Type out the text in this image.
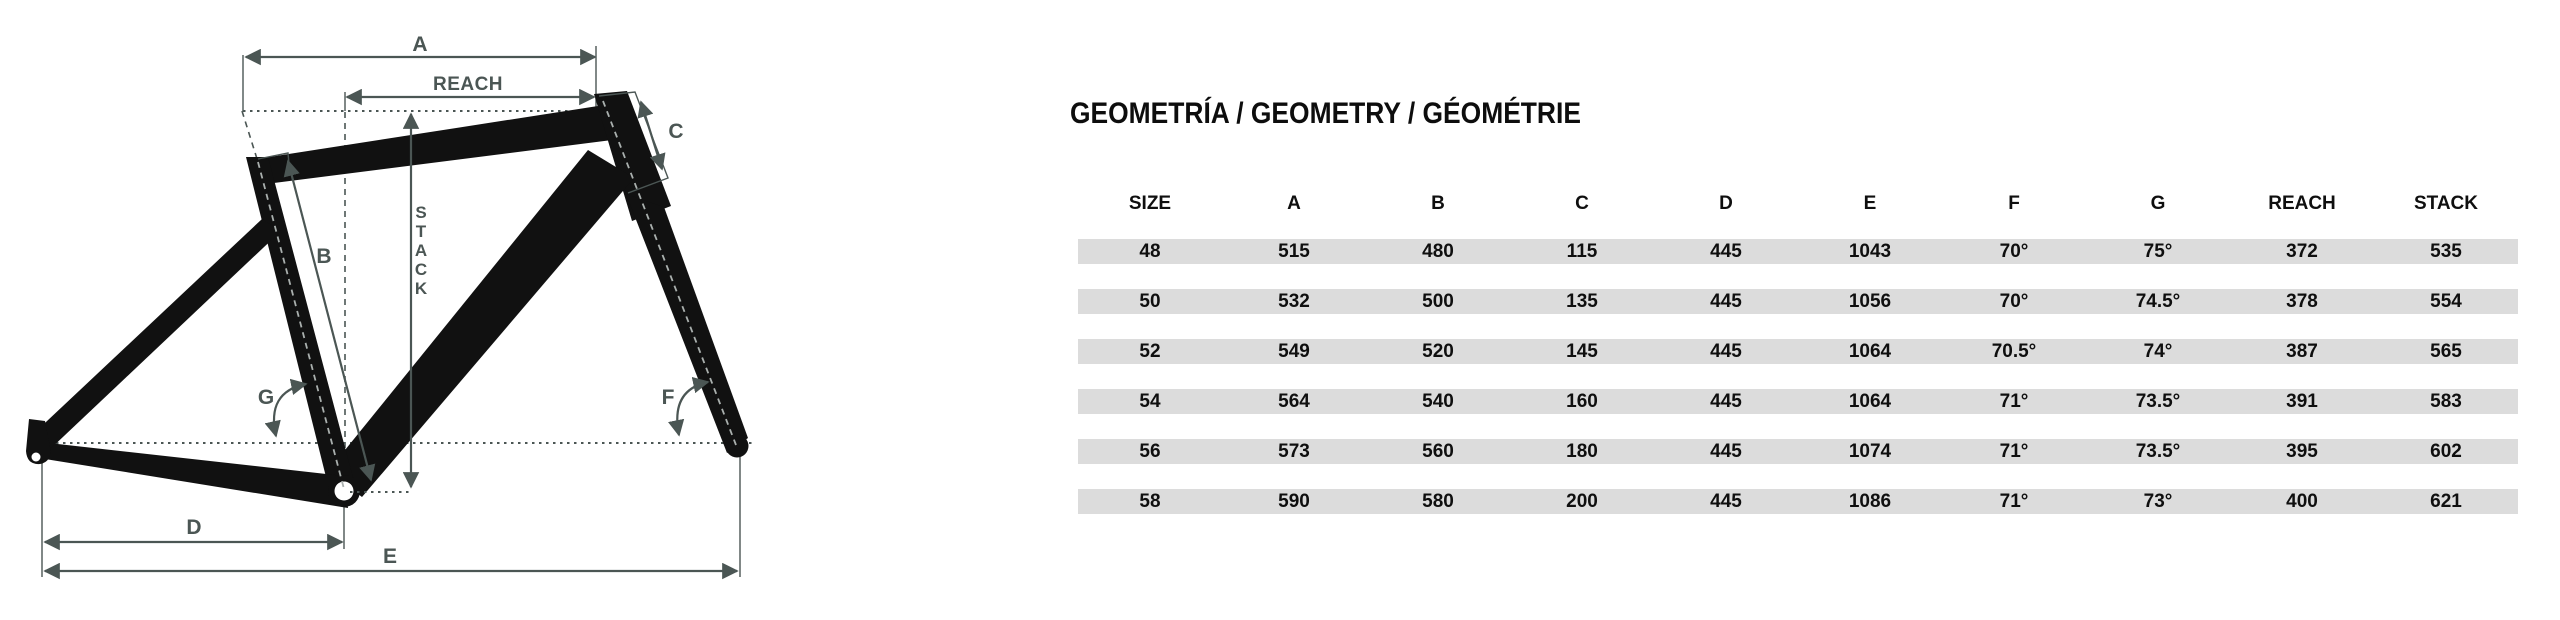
A
REACH
S T A C K
B
C
G	F
D
E
GEOMETRÍA / GEOMETRY / GÉOMÉTRIE
SIZE	A	B	C	D	E	F	G	REACH	STACK
48	515	480	115	445	1043	70°	75°	372	535
50	532	500	135	445	1056	70°	74.5°	378	554
52	549	520	145	445	1064	70.5°	74°	387	565
54	564	540	160	445	1064	71°	73.5°	391	583
56	573	560	180	445	1074	71°	73.5°	395	602
58	590	580	200	445	1086	71°	73°	400	621
